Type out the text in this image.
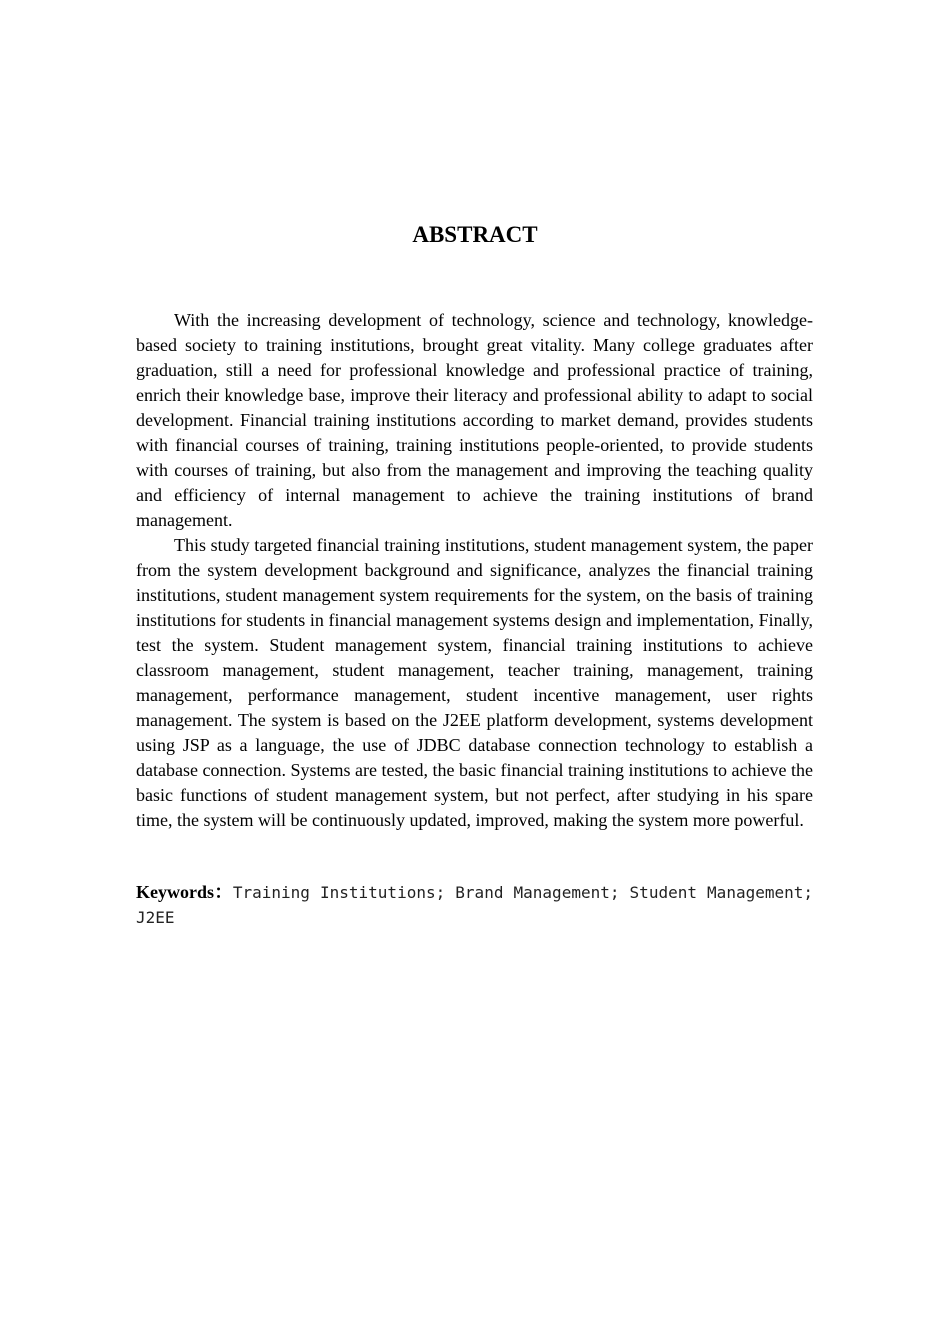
ABSTRACT

With the increasing development of technology, science and technology, knowledge-based society to training institutions, brought great vitality. Many college graduates after graduation, still a need for professional knowledge and professional practice of training, enrich their knowledge base, improve their literacy and professional ability to adapt to social development. Financial training institutions according to market demand, provides students with financial courses of training, training institutions people-oriented, to provide students with courses of training, but also from the management and improving the teaching quality and efficiency of internal management to achieve the training institutions of brand management.

This study targeted financial training institutions, student management system, the paper from the system development background and significance, analyzes the financial training institutions, student management system requirements for the system, on the basis of training institutions for students in financial management systems design and implementation, Finally, test the system. Student management system, financial training institutions to achieve classroom management, student management, teacher training, management, training management, performance management, student incentive management, user rights management. The system is based on the J2EE platform development, systems development using JSP as a language, the use of JDBC database connection technology to establish a database connection. Systems are tested, the basic financial training institutions to achieve the basic functions of student management system, but not perfect, after studying in his spare time, the system will be continuously updated, improved, making the system more powerful.

Keywords：Training Institutions; Brand Management; Student Management; J2EE
